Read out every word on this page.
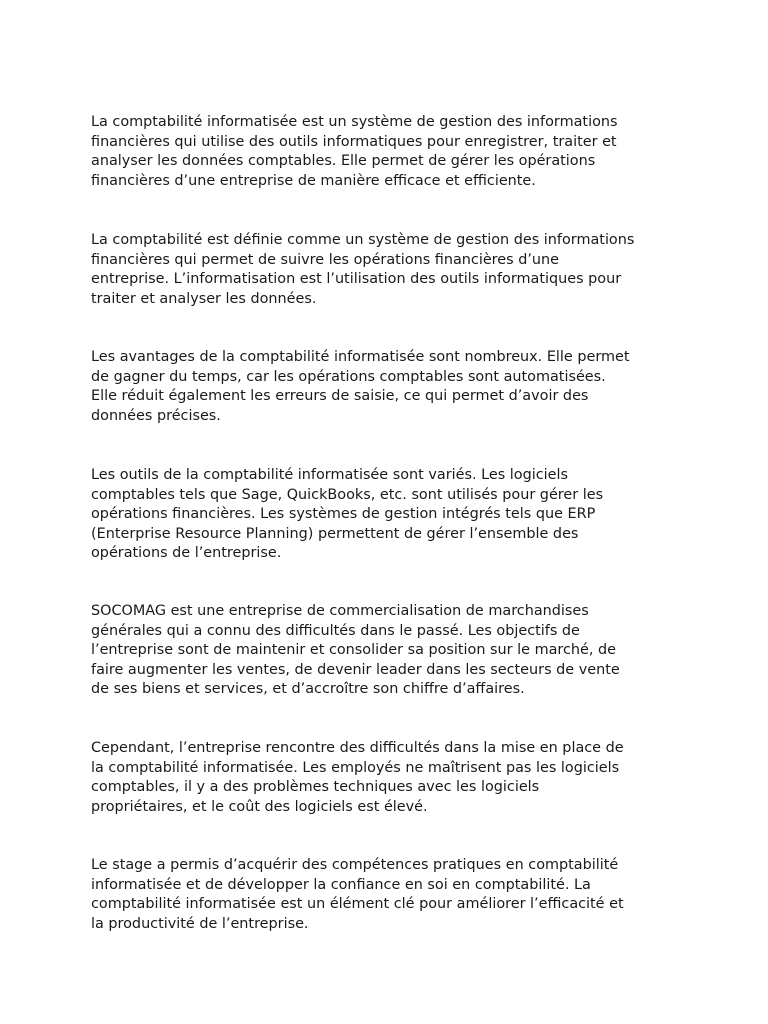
La comptabilité informatisée est un système de gestion des informations
financières qui utilise des outils informatiques pour enregistrer, traiter et
analyser les données comptables. Elle permet de gérer les opérations
financières d’une entreprise de manière efficace et efficiente.

La comptabilité est définie comme un système de gestion des informations
financières qui permet de suivre les opérations financières d’une
entreprise. L’informatisation est l’utilisation des outils informatiques pour
traiter et analyser les données.

Les avantages de la comptabilité informatisée sont nombreux. Elle permet
de gagner du temps, car les opérations comptables sont automatisées.
Elle réduit également les erreurs de saisie, ce qui permet d’avoir des
données précises.

Les outils de la comptabilité informatisée sont variés. Les logiciels
comptables tels que Sage, QuickBooks, etc. sont utilisés pour gérer les
opérations financières. Les systèmes de gestion intégrés tels que ERP
(Enterprise Resource Planning) permettent de gérer l’ensemble des
opérations de l’entreprise.

SOCOMAG est une entreprise de commercialisation de marchandises
générales qui a connu des difficultés dans le passé. Les objectifs de
l’entreprise sont de maintenir et consolider sa position sur le marché, de
faire augmenter les ventes, de devenir leader dans les secteurs de vente
de ses biens et services, et d’accroître son chiffre d’affaires.

Cependant, l’entreprise rencontre des difficultés dans la mise en place de
la comptabilité informatisée. Les employés ne maîtrisent pas les logiciels
comptables, il y a des problèmes techniques avec les logiciels
propriétaires, et le coût des logiciels est élevé.

Le stage a permis d’acquérir des compétences pratiques en comptabilité
informatisée et de développer la confiance en soi en comptabilité. La
comptabilité informatisée est un élément clé pour améliorer l’efficacité et
la productivité de l’entreprise.
